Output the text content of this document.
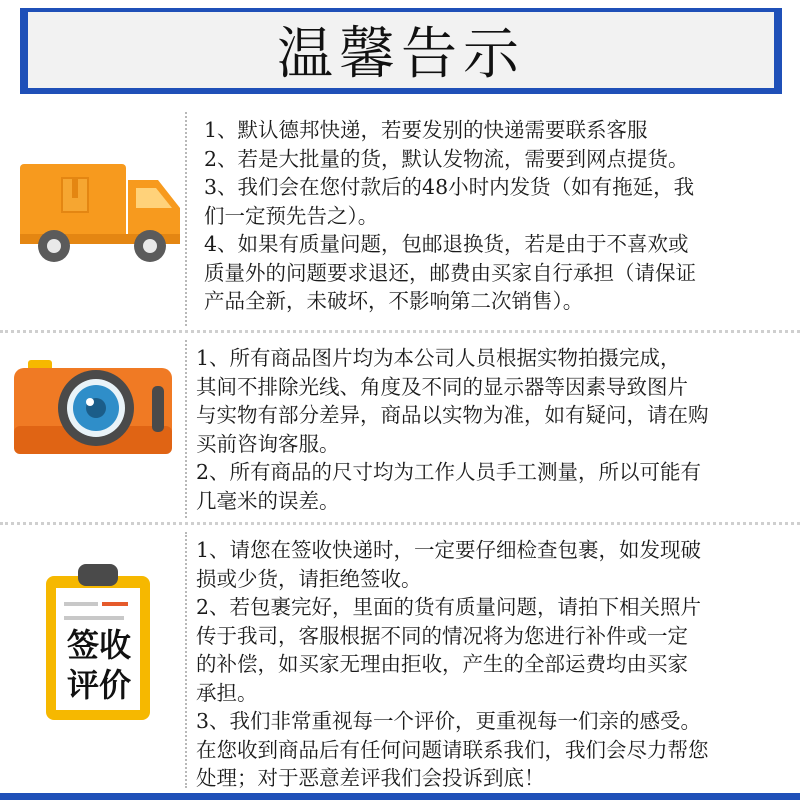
温馨告示
1、默认德邦快递，若要发别的快递需要联系客服
2、若是大批量的货，默认发物流，需要到网点提货。
3、我们会在您付款后的48小时内发货（如有拖延，我
们一定预先告之）。
4、如果有质量问题，包邮退换货，若是由于不喜欢或
质量外的问题要求退还，邮费由买家自行承担（请保证
产品全新，未破坏，不影响第二次销售）。
1、所有商品图片均为本公司人员根据实物拍摄完成，
其间不排除光线、角度及不同的显示器等因素导致图片
与实物有部分差异，商品以实物为准，如有疑问，请在购
买前咨询客服。
2、所有商品的尺寸均为工作人员手工测量，所以可能有
几毫米的误差。
签收
评价
1、请您在签收快递时，一定要仔细检查包裹，如发现破
损或少货，请拒绝签收。
2、若包裹完好，里面的货有质量问题，请拍下相关照片
传于我司，客服根据不同的情况将为您进行补件或一定
的补偿，如买家无理由拒收，产生的全部运费均由买家
承担。
3、我们非常重视每一个评价，更重视每一们亲的感受。
在您收到商品后有任何问题请联系我们，我们会尽力帮您
处理；对于恶意差评我们会投诉到底！
